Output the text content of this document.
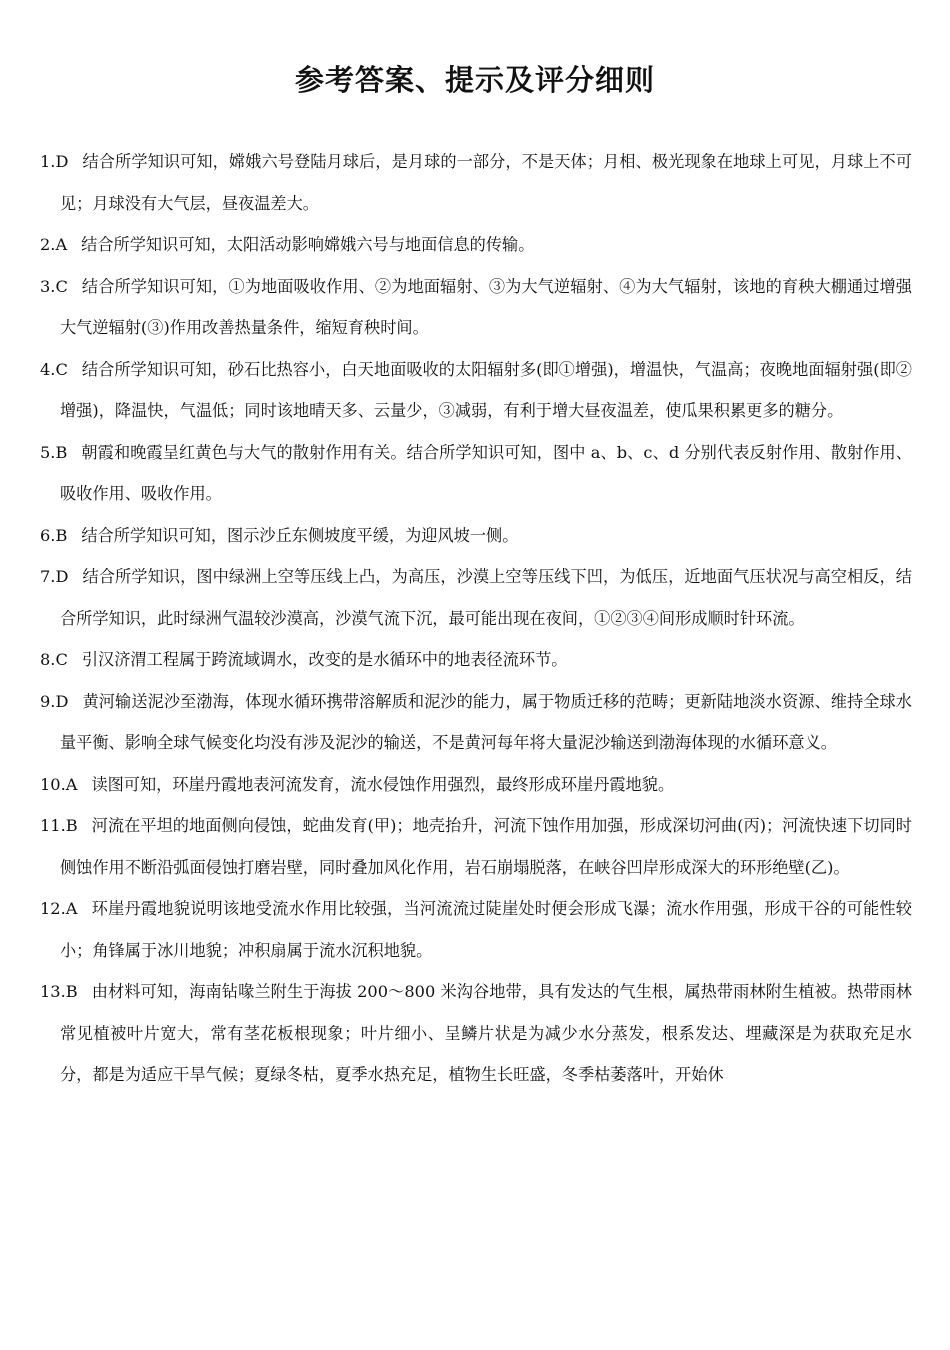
参考答案、提示及评分细则

1.D 结合所学知识可知，嫦娥六号登陆月球后，是月球的一部分，不是天体；月相、极光现象在地球上可见，月球上不可见；月球没有大气层，昼夜温差大。

2.A 结合所学知识可知，太阳活动影响嫦娥六号与地面信息的传输。

3.C 结合所学知识可知，①为地面吸收作用、②为地面辐射、③为大气逆辐射、④为大气辐射，该地的育秧大棚通过增强大气逆辐射(③)作用改善热量条件，缩短育秧时间。

4.C 结合所学知识可知，砂石比热容小，白天地面吸收的太阳辐射多(即①增强)，增温快，气温高；夜晚地面辐射强(即②增强)，降温快，气温低；同时该地晴天多、云量少，③减弱，有利于增大昼夜温差，使瓜果积累更多的糖分。

5.B 朝霞和晚霞呈红黄色与大气的散射作用有关。结合所学知识可知，图中 a、b、c、d 分别代表反射作用、散射作用、吸收作用、吸收作用。

6.B 结合所学知识可知，图示沙丘东侧坡度平缓，为迎风坡一侧。

7.D 结合所学知识，图中绿洲上空等压线上凸，为高压，沙漠上空等压线下凹，为低压，近地面气压状况与高空相反，结合所学知识，此时绿洲气温较沙漠高，沙漠气流下沉，最可能出现在夜间，①②③④间形成顺时针环流。

8.C 引汉济渭工程属于跨流域调水，改变的是水循环中的地表径流环节。

9.D 黄河输送泥沙至渤海，体现水循环携带溶解质和泥沙的能力，属于物质迁移的范畴；更新陆地淡水资源、维持全球水量平衡、影响全球气候变化均没有涉及泥沙的输送，不是黄河每年将大量泥沙输送到渤海体现的水循环意义。

10.A 读图可知，环崖丹霞地表河流发育，流水侵蚀作用强烈，最终形成环崖丹霞地貌。

11.B 河流在平坦的地面侧向侵蚀，蛇曲发育(甲)；地壳抬升，河流下蚀作用加强，形成深切河曲(丙)；河流快速下切同时侧蚀作用不断沿弧面侵蚀打磨岩壁，同时叠加风化作用，岩石崩塌脱落，在峡谷凹岸形成深大的环形绝壁(乙)。

12.A 环崖丹霞地貌说明该地受流水作用比较强，当河流流过陡崖处时便会形成飞瀑；流水作用强，形成干谷的可能性较小；角锋属于冰川地貌；冲积扇属于流水沉积地貌。

13.B 由材料可知，海南钻喙兰附生于海拔 200～800 米沟谷地带，具有发达的气生根，属热带雨林附生植被。热带雨林常见植被叶片宽大，常有茎花板根现象；叶片细小、呈鳞片状是为减少水分蒸发，根系发达、埋藏深是为获取充足水分，都是为适应干旱气候；夏绿冬枯，夏季水热充足，植物生长旺盛，冬季枯萎落叶，开始休
